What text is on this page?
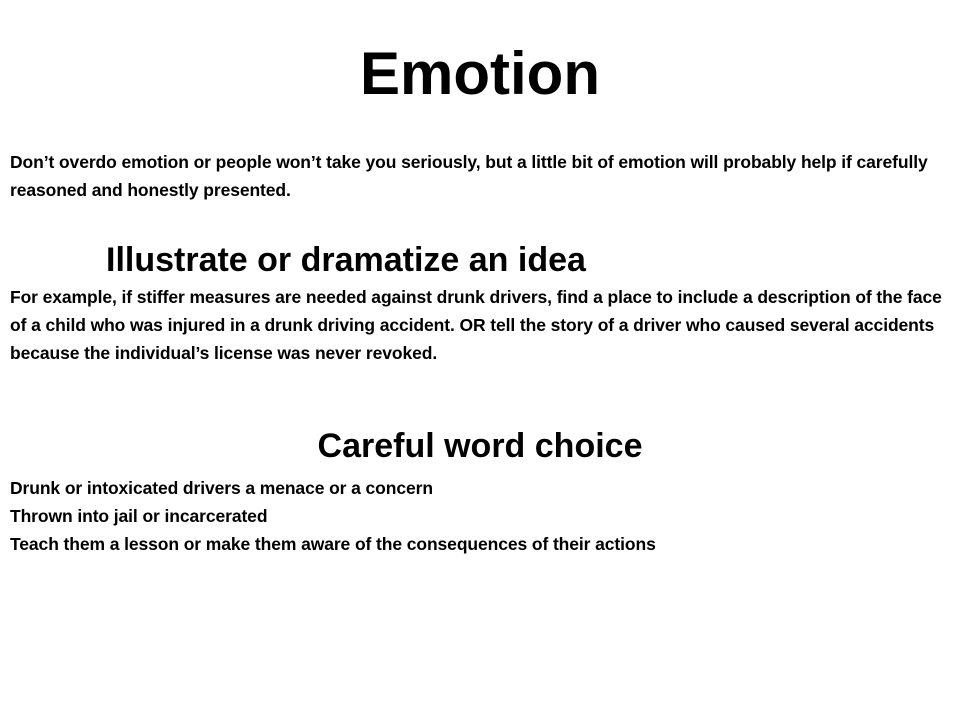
Emotion

Don’t overdo emotion or people won’t take you seriously, but a little bit of emotion will probably help if carefully reasoned and honestly presented.

Illustrate or dramatize an idea

For example, if stiffer measures are needed against drunk drivers, find a place to include a description of the face of a child who was injured in a drunk driving accident. OR tell the story of a driver who caused several accidents because the individual’s license was never revoked.

Careful word choice
Drunk or intoxicated drivers a menace or a concern
Thrown into jail or incarcerated
Teach them a lesson or make them aware of the consequences of their actions
